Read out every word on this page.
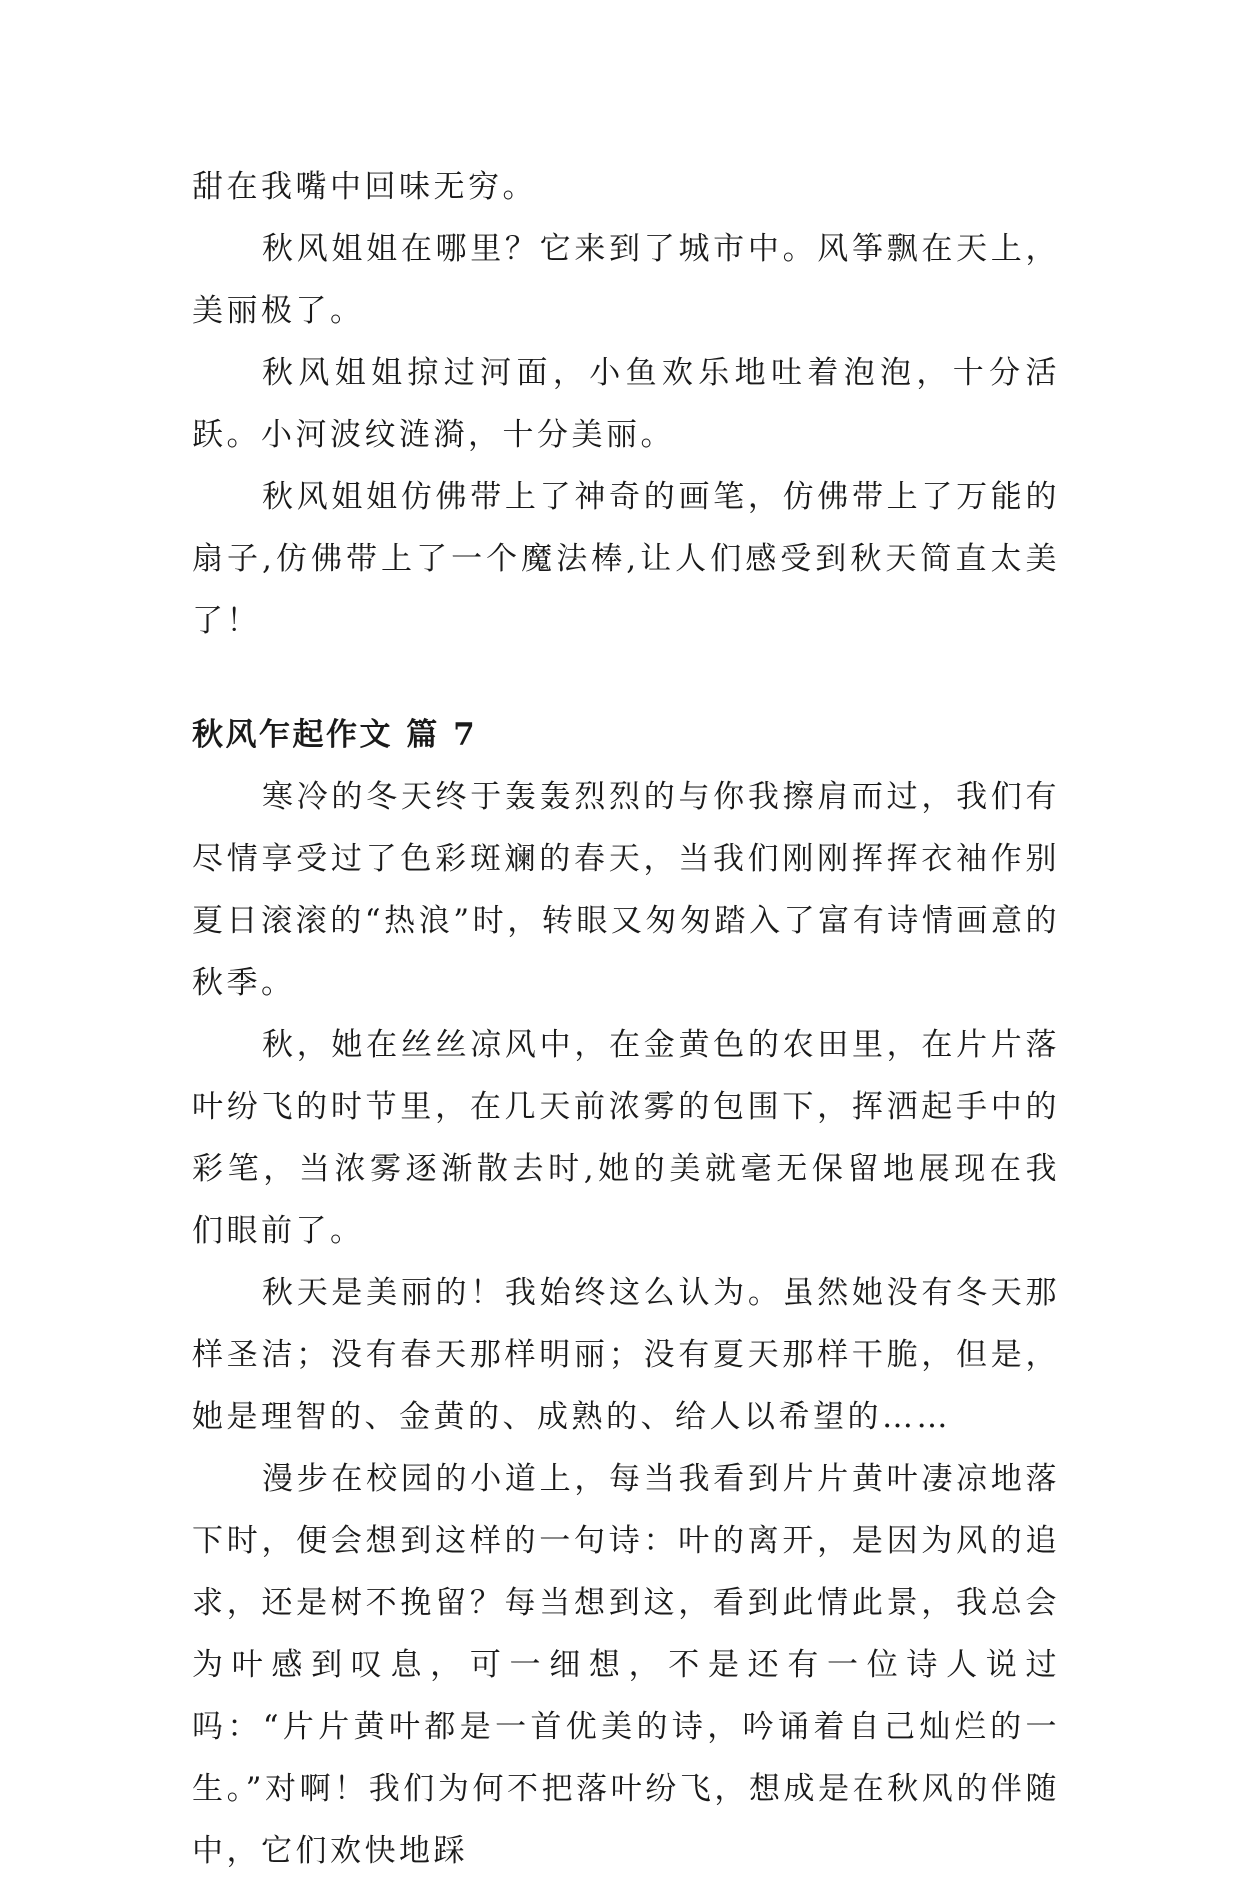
甜在我嘴中回味无穷。

秋风姐姐在哪里？它来到了城市中。风筝飘在天上，美丽极了。

秋风姐姐掠过河面，小鱼欢乐地吐着泡泡，十分活跃。小河波纹涟漪，十分美丽。

秋风姐姐仿佛带上了神奇的画笔，仿佛带上了万能的扇子,仿佛带上了一个魔法棒,让人们感受到秋天简直太美了！

秋风乍起作文 篇 7

寒冷的冬天终于轰轰烈烈的与你我擦肩而过，我们有尽情享受过了色彩斑斓的春天，当我们刚刚挥挥衣袖作别夏日滚滚的“热浪”时，转眼又匆匆踏入了富有诗情画意的秋季。

秋，她在丝丝凉风中，在金黄色的农田里，在片片落叶纷飞的时节里，在几天前浓雾的包围下，挥洒起手中的彩笔，当浓雾逐渐散去时,她的美就毫无保留地展现在我们眼前了。

秋天是美丽的！我始终这么认为。虽然她没有冬天那样圣洁；没有春天那样明丽；没有夏天那样干脆，但是，她是理智的、金黄的、成熟的、给人以希望的……

漫步在校园的小道上，每当我看到片片黄叶凄凉地落下时，便会想到这样的一句诗：叶的离开，是因为风的追求，还是树不挽留？每当想到这，看到此情此景，我总会为叶感到叹息，可一细想，不是还有一位诗人说过吗：“片片黄叶都是一首优美的诗，吟诵着自己灿烂的一生。”对啊！我们为何不把落叶纷飞，想成是在秋风的伴随中，它们欢快地踩
